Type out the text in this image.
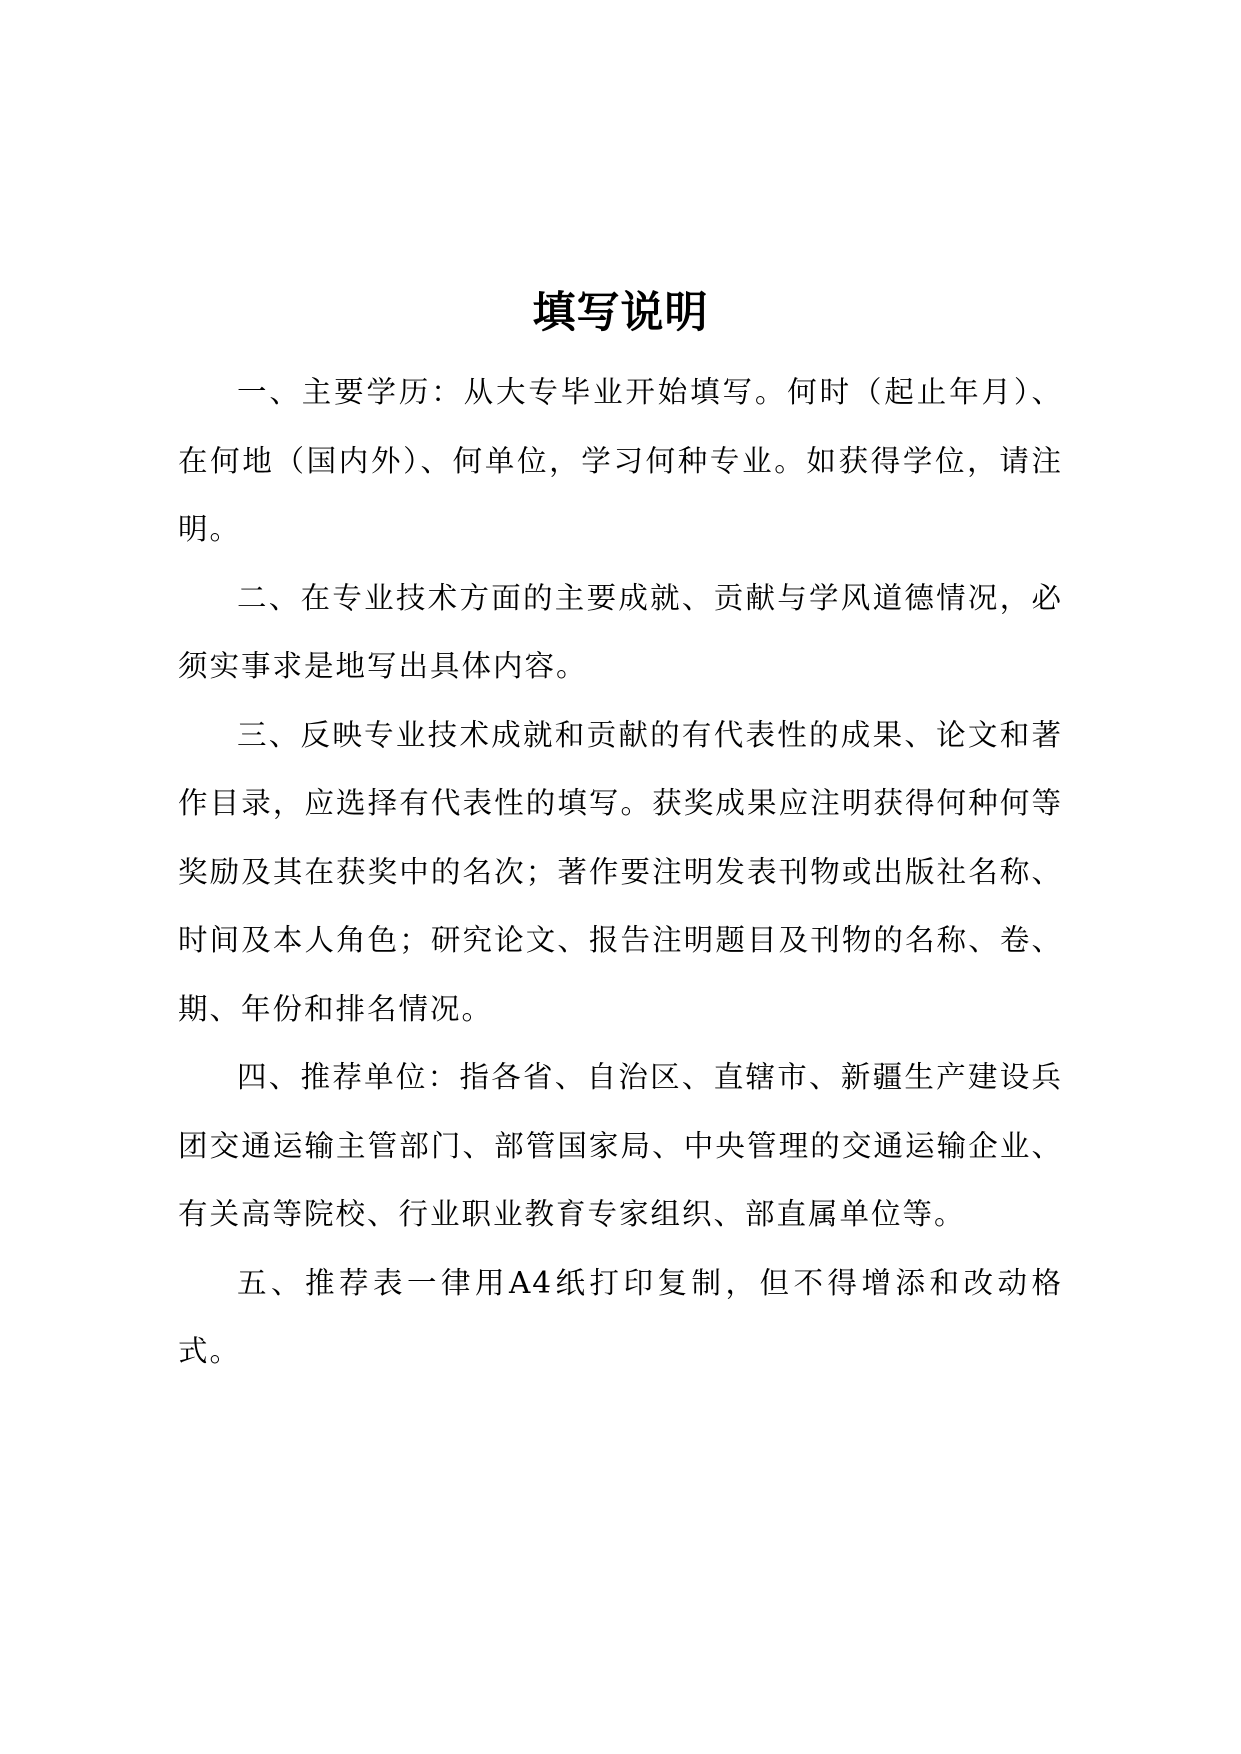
填写说明

一、主要学历：从大专毕业开始填写。何时（起止年月）、在何地（国内外）、何单位，学习何种专业。如获得学位，请注明。

二、在专业技术方面的主要成就、贡献与学风道德情况，必须实事求是地写出具体内容。

三、反映专业技术成就和贡献的有代表性的成果、论文和著作目录，应选择有代表性的填写。获奖成果应注明获得何种何等奖励及其在获奖中的名次；著作要注明发表刊物或出版社名称、时间及本人角色；研究论文、报告注明题目及刊物的名称、卷、期、年份和排名情况。

四、推荐单位：指各省、自治区、直辖市、新疆生产建设兵团交通运输主管部门、部管国家局、中央管理的交通运输企业、有关高等院校、行业职业教育专家组织、部直属单位等。

五、推荐表一律用A4纸打印复制，但不得增添和改动格式。
